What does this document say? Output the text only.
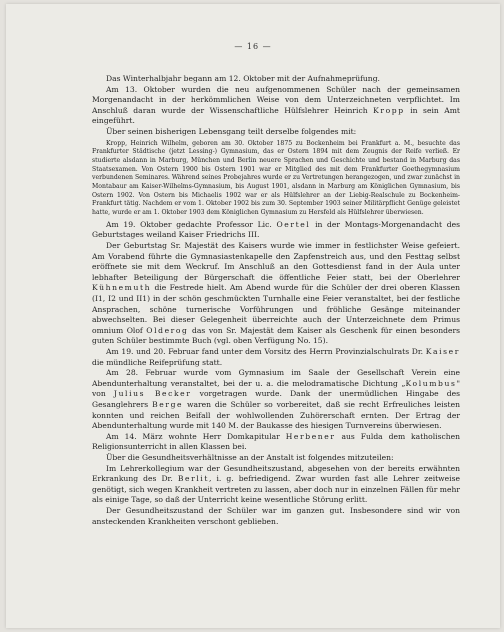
— 16 —

Das Winterhalbjahr begann am 12. Oktober mit der Aufnahmeprüfung.

Am 13. Oktober wurden die neu aufgenommenen Schüler nach der gemeinsamen Morgenandacht in der herkömmlichen Weise von dem Unterzeichneten verpflichtet. Im Anschluß daran wurde der Wissenschaftliche Hülfslehrer Heinrich Kropp in sein Amt eingeführt.

Über seinen bisherigen Lebensgang teilt derselbe folgendes mit:

Kropp, Heinrich Wilhelm, geboren am 30. Oktober 1875 zu Bockenheim bei Frankfurt a. M., besuchte das Frankfurter Städtische (jetzt Lessing-) Gymnasium, das er Ostern 1894 mit dem Zeugnis der Reife verließ. Er studierte alsdann in Marburg, München und Berlin neuere Sprachen und Geschichte und bestand in Marburg das Staatsexamen. Von Ostern 1900 bis Ostern 1901 war er Mitglied des mit dem Frankfurter Goethegymnasium verbundenen Seminares. Während seines Probejahres wurde er zu Vertretungen herangezogen, und zwar zunächst in Montabaur am Kaiser-Wilhelms-Gymnasium, bis August 1901, alsdann in Marburg am Königlichen Gymnasium, bis Ostern 1902. Von Ostern bis Michaelis 1902 war er als Hülfslehrer an der Liebig-Realschule zu Bockenheim-Frankfurt tätig. Nachdem er vom 1. Oktober 1902 bis zum 30. September 1903 seiner Militärpflicht Genüge geleistet hatte, wurde er am 1. Oktober 1903 dem Königlichen Gymnasium zu Hersfeld als Hülfslehrer überwiesen.

Am 19. Oktober gedachte Professor Lic. Oertel in der Montags-Morgenandacht des Geburtstages weiland Kaiser Friedrichs III.

Der Geburtstag Sr. Majestät des Kaisers wurde wie immer in festlichster Weise gefeiert. Am Vorabend führte die Gymnasiastenkapelle den Zapfenstreich aus, und den Festtag selbst eröffnete sie mit dem Weckruf. Im Anschluß an den Gottesdienst fand in der Aula unter lebhafter Beteiligung der Bürgerschaft die öffentliche Feier statt, bei der Oberlehrer Kühnemuth die Festrede hielt. Am Abend wurde für die Schüler der drei oberen Klassen (I1, I2 und II1) in der schön geschmückten Turnhalle eine Feier veranstaltet, bei der festliche Ansprachen, schöne turnerische Vorführungen und fröhliche Gesänge miteinander abwechselten. Bei dieser Gelegenheit überreichte auch der Unterzeichnete dem Primus omnium Olof Olderog das von Sr. Majestät dem Kaiser als Geschenk für einen besonders guten Schüler bestimmte Buch (vgl. oben Verfügung No. 15).

Am 19. und 20. Februar fand unter dem Vorsitz des Herrn Provinzialschulrats Dr. Kaiser die mündliche Reifeprüfung statt.

Am 28. Februar wurde vom Gymnasium im Saale der Gesellschaft Verein eine Abendunterhaltung veranstaltet, bei der u. a. die melodramatische Dichtung „Kolumbus" von Julius Becker vorgetragen wurde. Dank der unermüdlichen Hingabe des Gesanglehrers Berge waren die Schüler so vorbereitet, daß sie recht Erfreuliches leisten konnten und reichen Beifall der wohlwollenden Zuhörerschaft ernten. Der Ertrag der Abendunterhaltung wurde mit 140 M. der Baukasse des hiesigen Turnvereins überwiesen.

Am 14. März wohnte Herr Domkapitular Herbener aus Fulda dem katholischen Religionsunterricht in allen Klassen bei.

Über die Gesundheitsverhältnisse an der Anstalt ist folgendes mitzuteilen:

Im Lehrerkollegium war der Gesundheitszustand, abgesehen von der bereits erwähnten Erkrankung des Dr. Berlit, i. g. befriedigend. Zwar wurden fast alle Lehrer zeitweise genötigt, sich wegen Krankheit vertreten zu lassen, aber doch nur in einzelnen Fällen für mehr als einige Tage, so daß der Unterricht keine wesentliche Störung erlitt.

Der Gesundheitszustand der Schüler war im ganzen gut. Insbesondere sind wir von ansteckenden Krankheiten verschont geblieben.
